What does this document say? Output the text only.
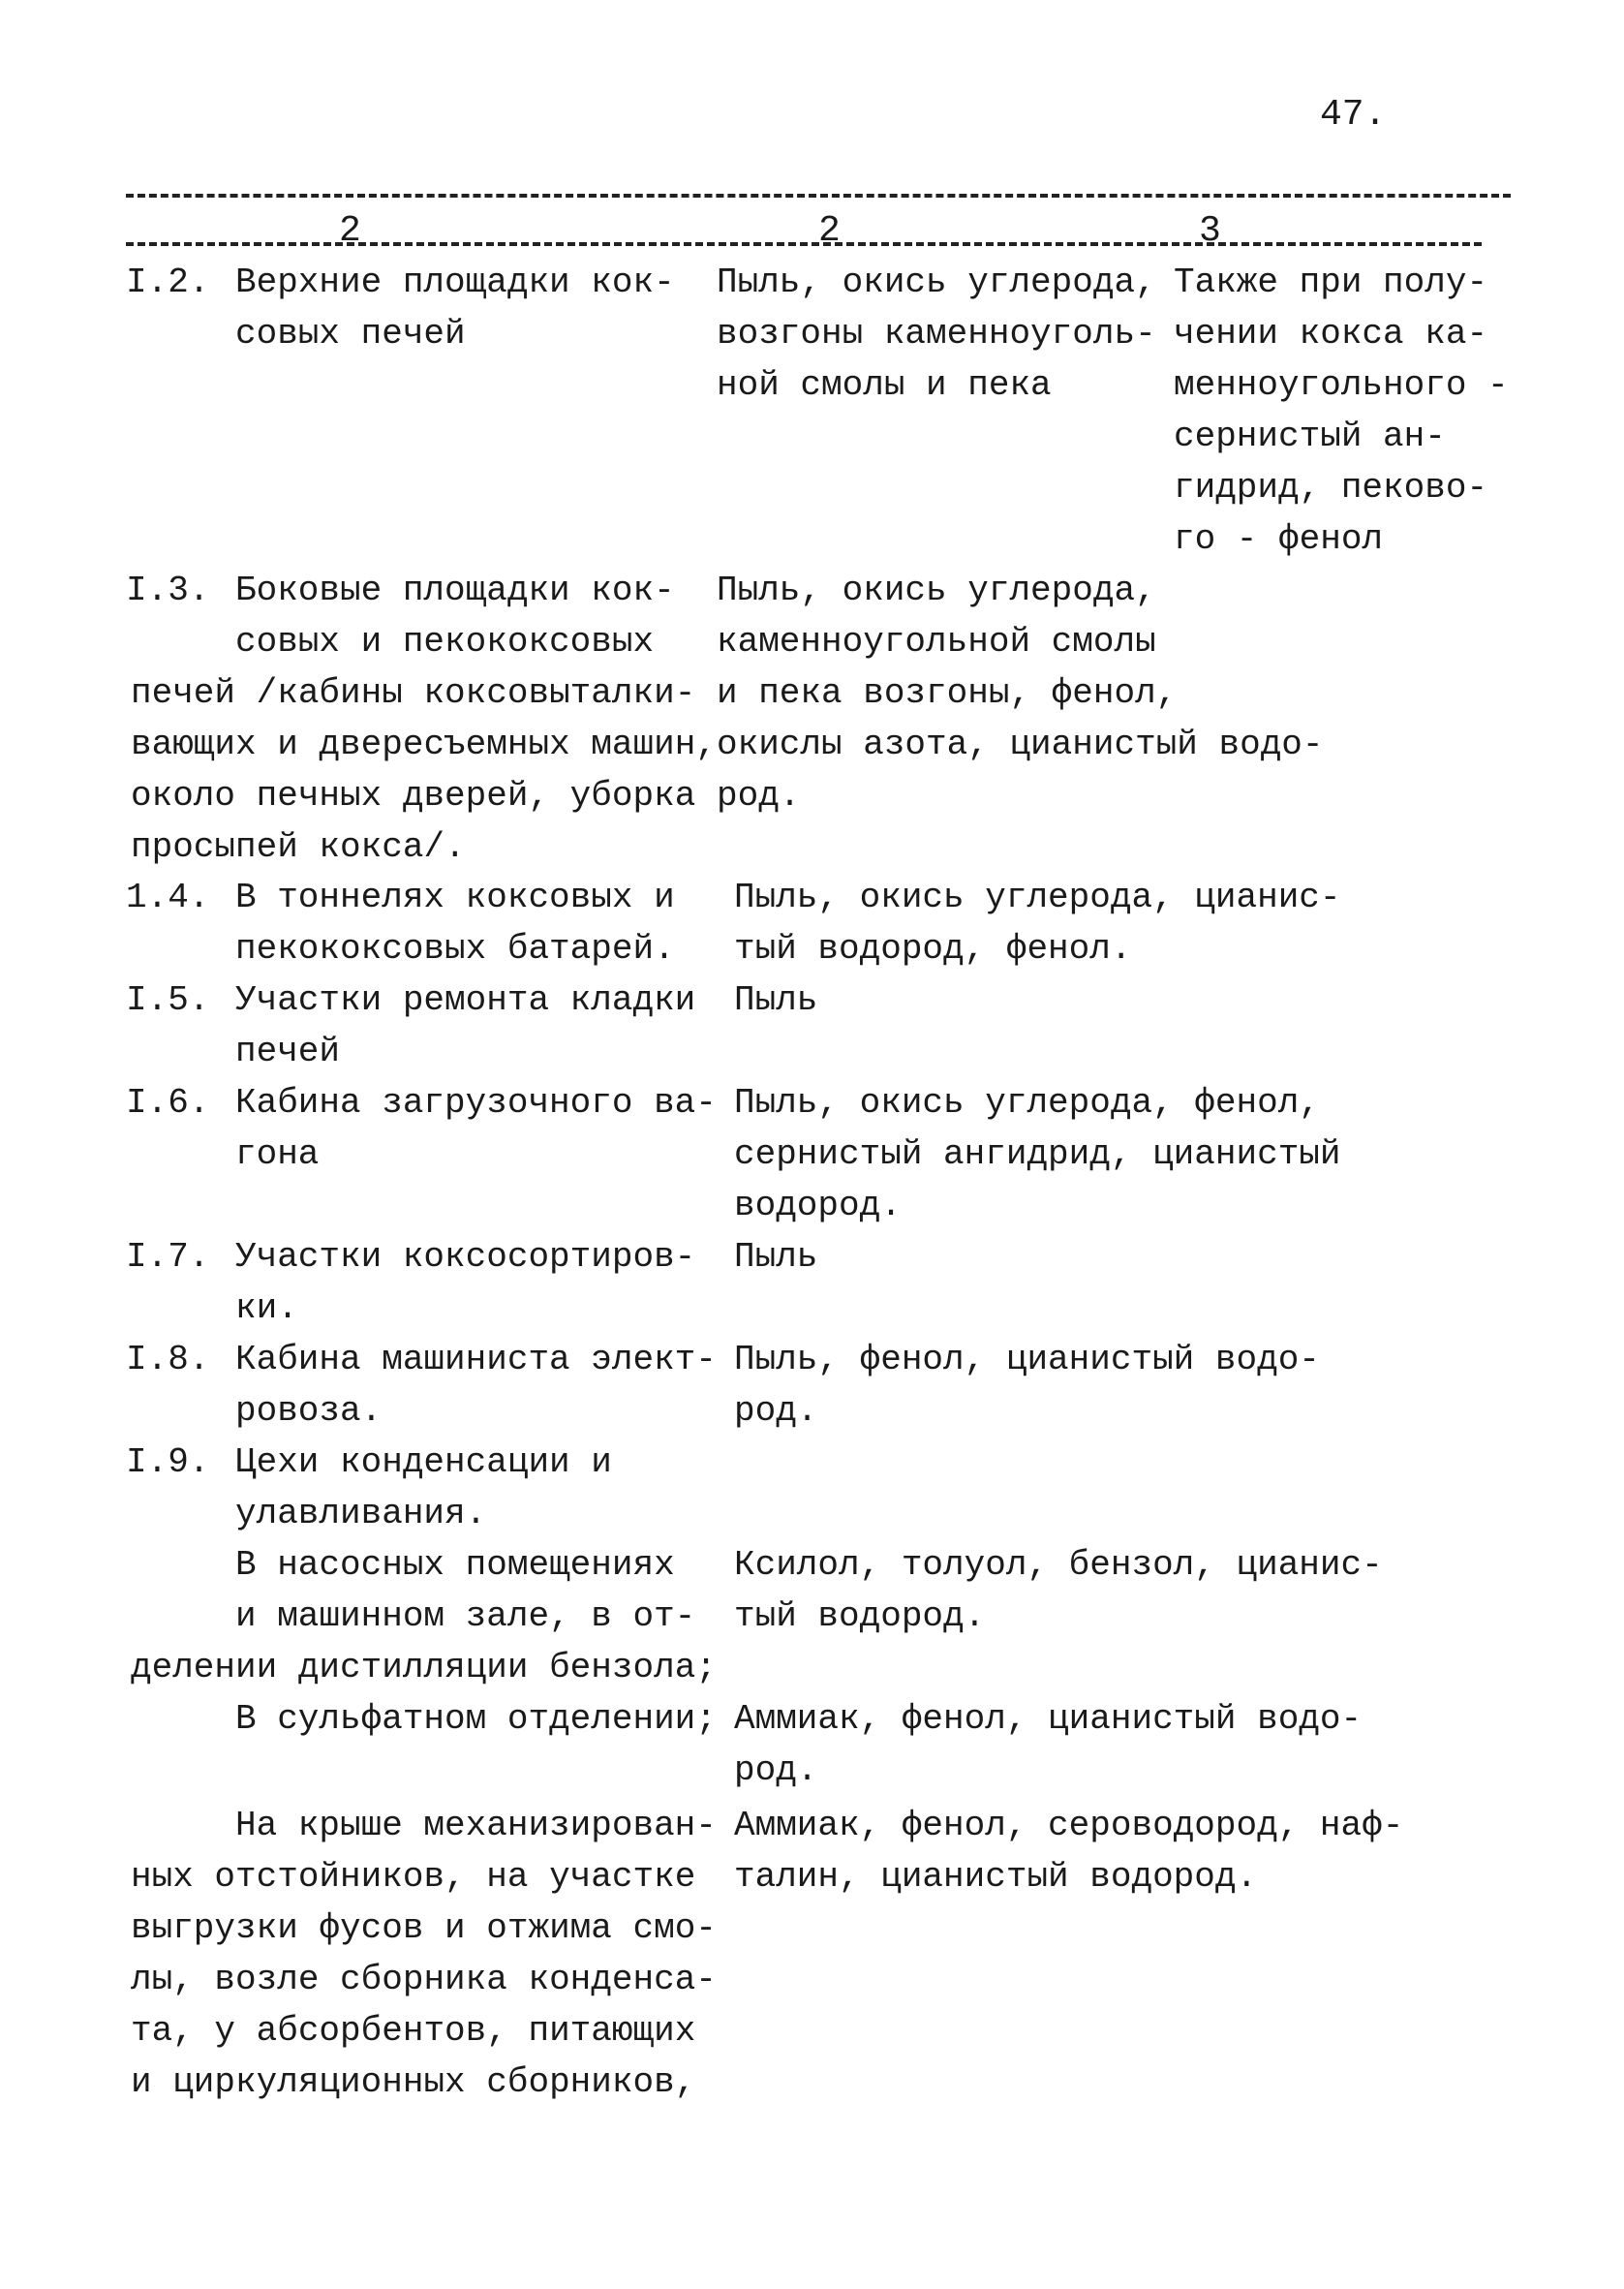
47.
2	2	3
I.2. Верхние площадки кок-
совых печей
Пыль, окись углерода,
возгоны каменноуголь-
ной смолы и пека
Также при полу-
чении кокса ка-
менноугольного -
сернистый ан-
гидрид, пеково-
го - фенол
I.3. Боковые площадки кок-
совых и пекококсовых
печей /кабины коксовыталки-
вающих и двересъемных машин,
около печных дверей, уборка
просыпей кокса/.
Пыль, окись углерода,
каменноугольной смолы
и пека возгоны, фенол,
окислы азота, цианистый водо-
род.
1.4. В тоннелях коксовых и
пекококсовых батарей.
Пыль, окись углерода, цианис-
тый водород, фенол.
I.5. Участки ремонта кладки
печей
Пыль
I.6. Кабина загрузочного ва-
гона
Пыль, окись углерода, фенол,
сернистый ангидрид, цианистый
водород.
I.7. Участки коксосортиров-
ки.
Пыль
I.8. Кабина машиниста элект-
ровоза.
Пыль, фенол, цианистый водо-
род.
I.9. Цехи конденсации и
улавливания.
В насосных помещениях
и машинном зале, в от-
делении дистилляции бензола;
Ксилол, толуол, бензол, цианис-
тый водород.
В сульфатном отделении; Аммиак, фенол, цианистый водо-
род.
На крыше механизирован-
ных отстойников, на участке
выгрузки фусов и отжима смо-
лы, возле сборника конденса-
та, у абсорбентов, питающих
и циркуляционных сборников,
Аммиак, фенол, сероводород, наф-
талин, цианистый водород.
